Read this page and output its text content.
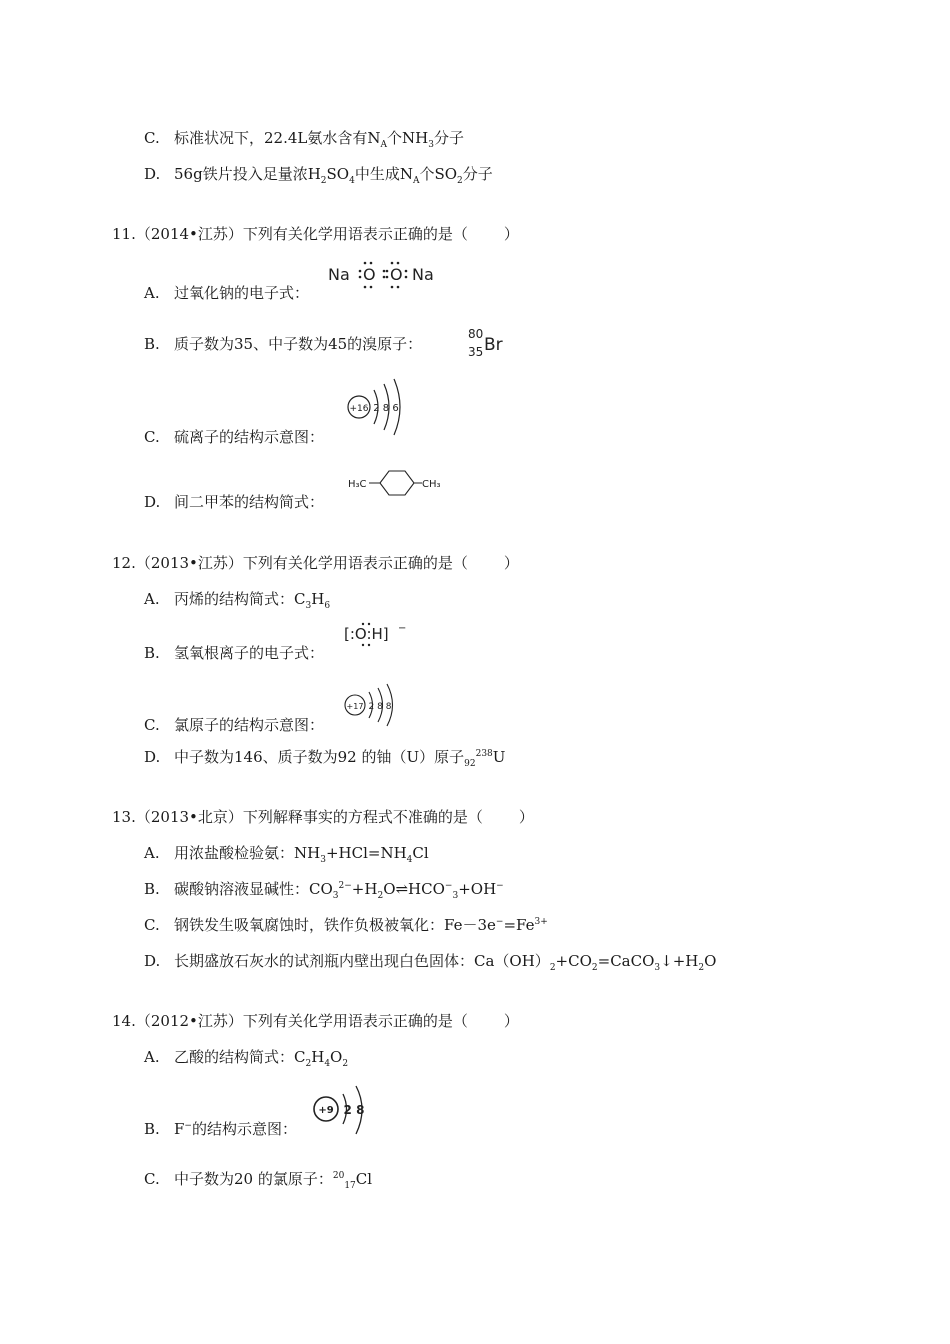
C. 标准状况下，22.4L氨水含有$N_A$个$NH_3$分子
D. 56g铁片投入足量浓$H_2SO_4$中生成$N_A$个$SO_2$分子
11.（2014•江苏）下列有关化学用语表示正确的是（ ）
A. 过氧化钠的电子式：
Na O O Na
B. 质子数为35、中子数为45的溴原子：
80
35 Br
C. 硫离子的结构示意图：
+16 2 8 6
D. 间二甲苯的结构简式：
H₃C	CH₃
12.（2013•江苏）下列有关化学用语表示正确的是（ ）
A. 丙烯的结构简式：$C_3H_6$
B. 氢氧根离子的电子式：
[:O:H] −
C. 氯原子的结构示意图：
+17 2 8 8
D. 中子数为146、质子数为92 的铀（U）原子$_{92}^{238}$U
13.（2013•北京）下列解释事实的方程式不准确的是（ ）
A. 用浓盐酸检验氨：$NH_3+HCl=NH_4Cl$
B. 碳酸钠溶液显碱性：$CO_3^{2-}+H_2O\rightleftharpoons HCO^-_3+OH^-$
C. 钢铁发生吸氧腐蚀时，铁作负极被氧化：$Fe-3e^-=Fe^{3+}$
D. 长期盛放石灰水的试剂瓶内壁出现白色固体：$Ca(OH)_2+CO_2=CaCO_3↓+H_2O$
14.（2012•江苏）下列有关化学用语表示正确的是（ ）
A. 乙酸的结构简式：$C_2H_4O_2$
B. F−的结构示意图：
+9 2 8
C. 中子数为20 的氯原子：$^{20}_{17}$Cl
